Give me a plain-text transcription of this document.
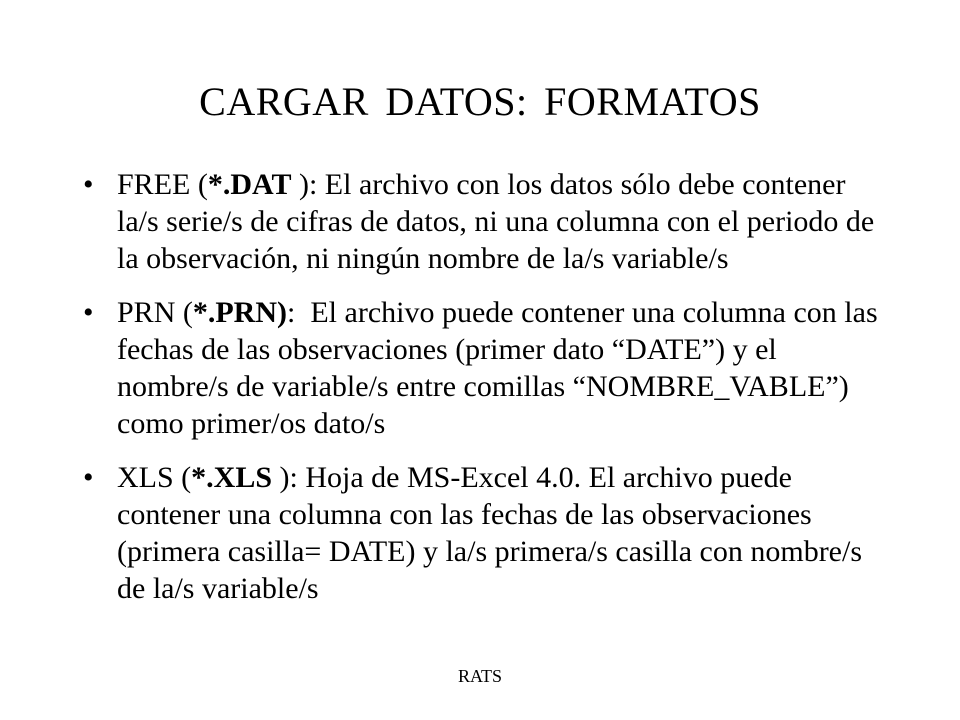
CARGAR DATOS: FORMATOS
• FREE (*.DAT ): El archivo con los datos sólo debe contener la/s serie/s de cifras de datos, ni una columna con el periodo de la observación, ni ningún nombre de la/s variable/s
• PRN (*.PRN):  El archivo puede contener una columna con las fechas de las observaciones (primer dato “DATE”) y el nombre/s de variable/s entre comillas “NOMBRE_VABLE”) como primer/os dato/s
• XLS (*.XLS ): Hoja de MS-Excel 4.0. El archivo puede contener una columna con las fechas de las observaciones (primera casilla= DATE) y la/s primera/s casilla con nombre/s de la/s variable/s
RATS
